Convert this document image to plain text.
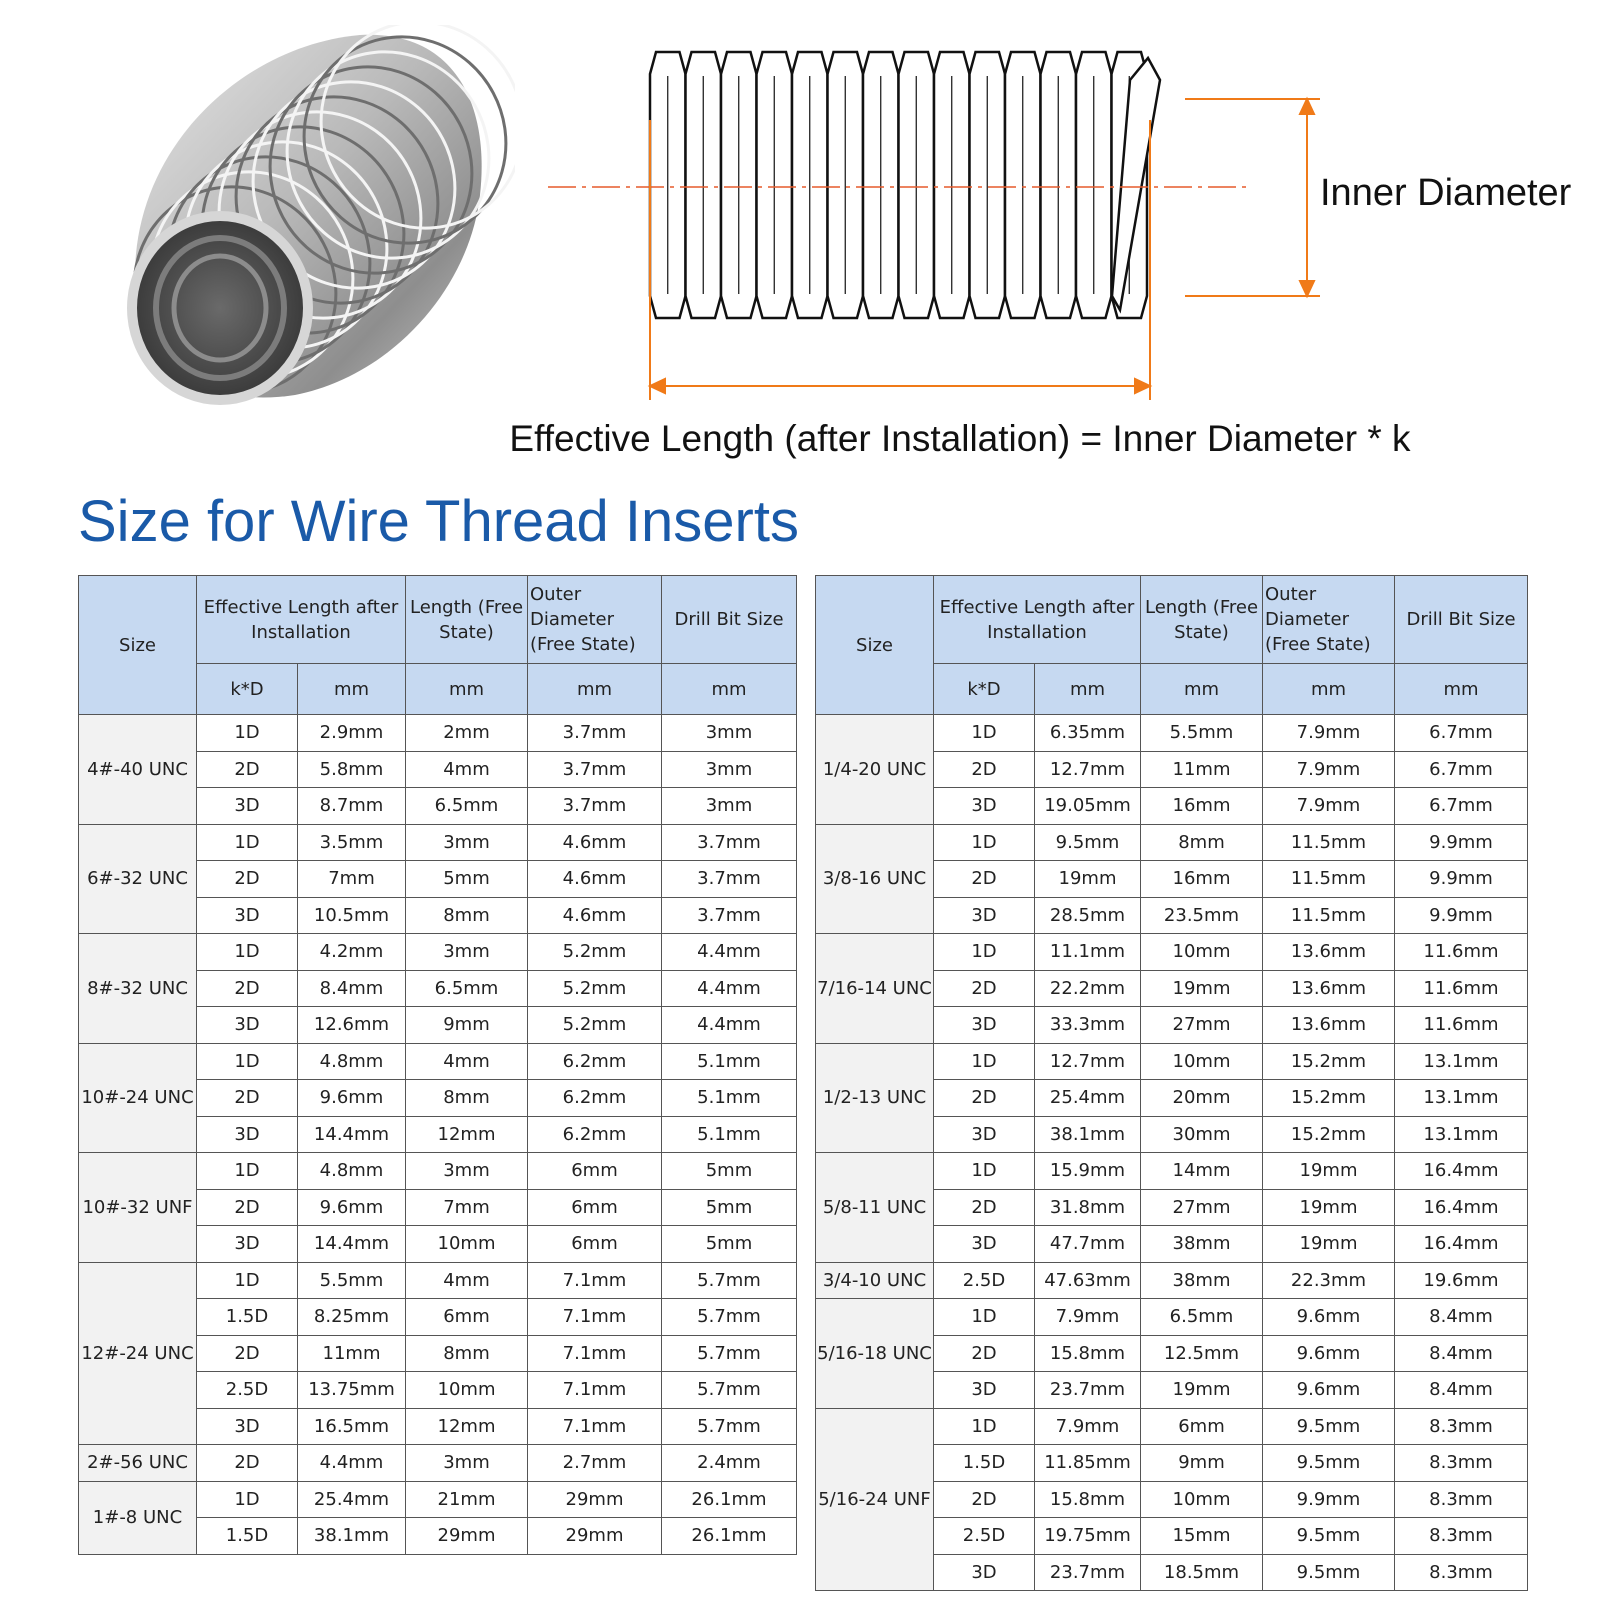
Inner Diameter
Effective Length (after Installation) = Inner Diameter * k
Size for Wire Thread Inserts
Size	Effective Length after Installation		Length (Free State)	Outer Diameter (Free State)	Drill Bit Size
	k*D	mm	mm	mm	mm
4#-40 UNC	1D	2.9mm	2mm	3.7mm	3mm
	2D	5.8mm	4mm	3.7mm	3mm
	3D	8.7mm	6.5mm	3.7mm	3mm
6#-32 UNC	1D	3.5mm	3mm	4.6mm	3.7mm
	2D	7mm	5mm	4.6mm	3.7mm
	3D	10.5mm	8mm	4.6mm	3.7mm
8#-32 UNC	1D	4.2mm	3mm	5.2mm	4.4mm
	2D	8.4mm	6.5mm	5.2mm	4.4mm
	3D	12.6mm	9mm	5.2mm	4.4mm
10#-24 UNC	1D	4.8mm	4mm	6.2mm	5.1mm
	2D	9.6mm	8mm	6.2mm	5.1mm
	3D	14.4mm	12mm	6.2mm	5.1mm
10#-32 UNF	1D	4.8mm	3mm	6mm	5mm
	2D	9.6mm	7mm	6mm	5mm
	3D	14.4mm	10mm	6mm	5mm
12#-24 UNC	1D	5.5mm	4mm	7.1mm	5.7mm
	1.5D	8.25mm	6mm	7.1mm	5.7mm
	2D	11mm	8mm	7.1mm	5.7mm
	2.5D	13.75mm	10mm	7.1mm	5.7mm
	3D	16.5mm	12mm	7.1mm	5.7mm
2#-56 UNC	2D	4.4mm	3mm	2.7mm	2.4mm
1#-8 UNC	1D	25.4mm	21mm	29mm	26.1mm
	1.5D	38.1mm	29mm	29mm	26.1mm
Size	Effective Length after Installation		Length (Free State)	Outer Diameter (Free State)	Drill Bit Size
	k*D	mm	mm	mm	mm
1/4-20 UNC	1D	6.35mm	5.5mm	7.9mm	6.7mm
	2D	12.7mm	11mm	7.9mm	6.7mm
	3D	19.05mm	16mm	7.9mm	6.7mm
3/8-16 UNC	1D	9.5mm	8mm	11.5mm	9.9mm
	2D	19mm	16mm	11.5mm	9.9mm
	3D	28.5mm	23.5mm	11.5mm	9.9mm
7/16-14 UNC	1D	11.1mm	10mm	13.6mm	11.6mm
	2D	22.2mm	19mm	13.6mm	11.6mm
	3D	33.3mm	27mm	13.6mm	11.6mm
1/2-13 UNC	1D	12.7mm	10mm	15.2mm	13.1mm
	2D	25.4mm	20mm	15.2mm	13.1mm
	3D	38.1mm	30mm	15.2mm	13.1mm
5/8-11 UNC	1D	15.9mm	14mm	19mm	16.4mm
	2D	31.8mm	27mm	19mm	16.4mm
	3D	47.7mm	38mm	19mm	16.4mm
3/4-10 UNC	2.5D	47.63mm	38mm	22.3mm	19.6mm
5/16-18 UNC	1D	7.9mm	6.5mm	9.6mm	8.4mm
	2D	15.8mm	12.5mm	9.6mm	8.4mm
	3D	23.7mm	19mm	9.6mm	8.4mm
5/16-24 UNF	1D	7.9mm	6mm	9.5mm	8.3mm
	1.5D	11.85mm	9mm	9.5mm	8.3mm
	2D	15.8mm	10mm	9.9mm	8.3mm
	2.5D	19.75mm	15mm	9.5mm	8.3mm
	3D	23.7mm	18.5mm	9.5mm	8.3mm
